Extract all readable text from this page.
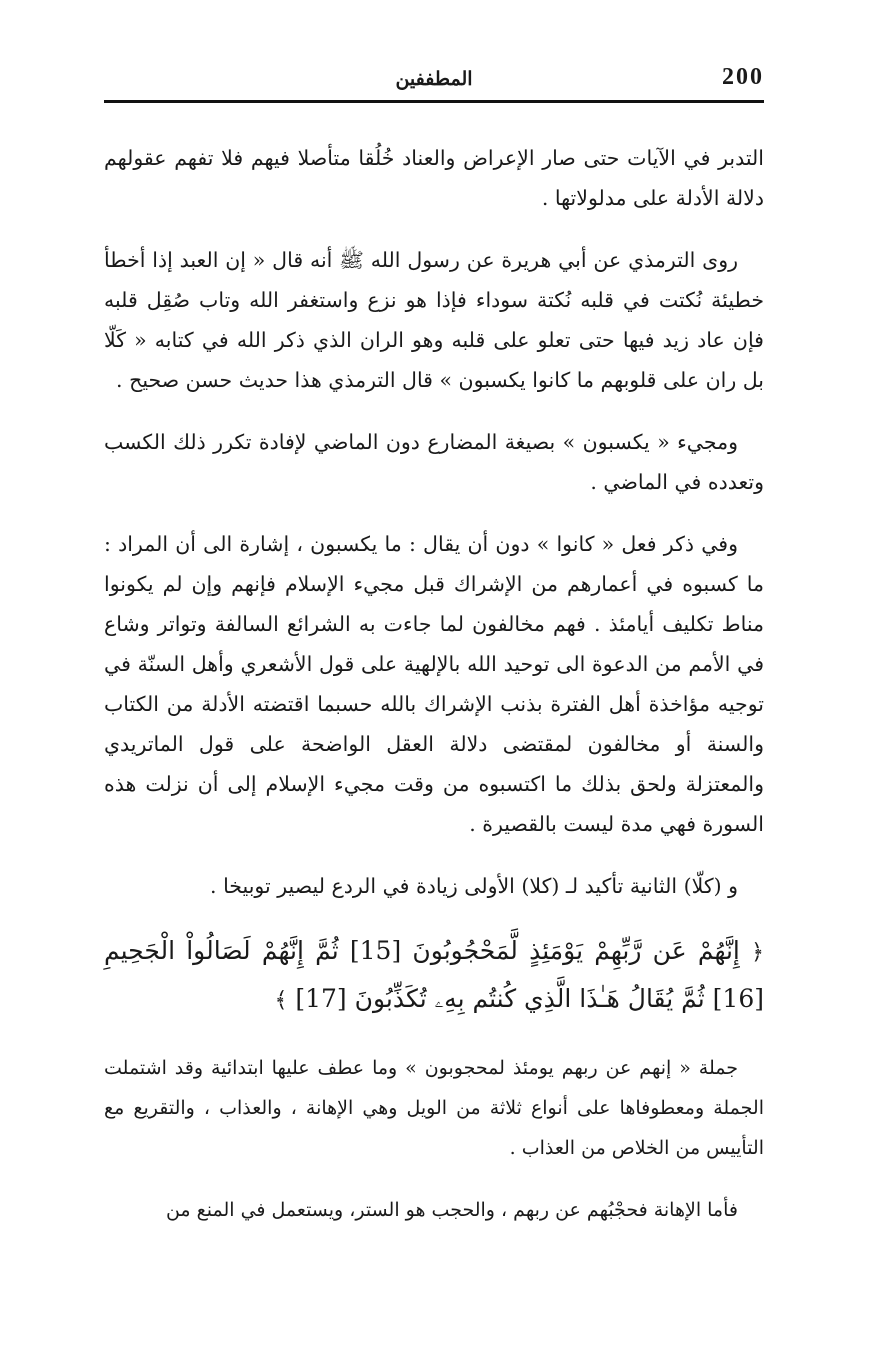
200
المطففين

التدبر في الآيات حتى صار الإعراض والعناد خُلُقا متأصلا فيهم فلا تفهم عقولهم دلالة الأدلة على مدلولاتها .

روى الترمذي عن أبي هريرة عن رسول الله ﷺ أنه قال « إن العبد إذا أخطأ خطيئة نُكتت في قلبه نُكتة سوداء فإذا هو نزع واستغفر الله وتاب صُقِل قلبه فإن عاد زيد فيها حتى تعلو على قلبه وهو الران الذي ذكر الله في كتابه « كَلّا بل ران على قلوبهم ما كانوا يكسبون » قال الترمذي هذا حديث حسن صحيح .

ومجيء « يكسبون » بصيغة المضارع دون الماضي لإفادة تكرر ذلك الكسب وتعدده في الماضي .

وفي ذكر فعل « كانوا » دون أن يقال : ما يكسبون ، إشارة الى أن المراد : ما كسبوه في أعمارهم من الإشراك قبل مجيء الإسلام فإنهم وإن لم يكونوا مناط تكليف أيامئذ . فهم مخالفون لما جاءت به الشرائع السالفة وتواتر وشاع في الأمم من الدعوة الى توحيد الله بالإلهية على قول الأشعري وأهل السنّة في توجيه مؤاخذة أهل الفترة بذنب الإشراك بالله حسبما اقتضته الأدلة من الكتاب والسنة أو مخالفون لمقتضى دلالة العقل الواضحة على قول الماتريدي والمعتزلة ولحق بذلك ما اكتسبوه من وقت مجيء الإسلام إلى أن نزلت هذه السورة فهي مدة ليست بالقصيرة .

و (كلّا) الثانية تأكيد لـ (كلا) الأولى زيادة في الردع ليصير توبيخا .

﴿ إِنَّهُمْ عَن رَّبِّهِمْ يَوْمَئِذٍ لَّمَحْجُوبُونَ [15] ثُمَّ إِنَّهُمْ لَصَالُواْ الْجَحِيمِ [16] ثُمَّ يُقَالُ هَـٰذَا الَّذِي كُنتُم بِهِۦ تُكَذِّبُونَ [17] ﴾

جملة « إنهم عن ربهم يومئذ لمحجوبون » وما عطف عليها ابتدائية وقد اشتملت الجملة ومعطوفاها على أنواع ثلاثة من الويل وهي الإهانة ، والعذاب ، والتقريع مع التأييس من الخلاص من العذاب .

فأما الإهانة فحجْبُهم عن ربهم ، والحجب هو الستر، ويستعمل في المنع من
